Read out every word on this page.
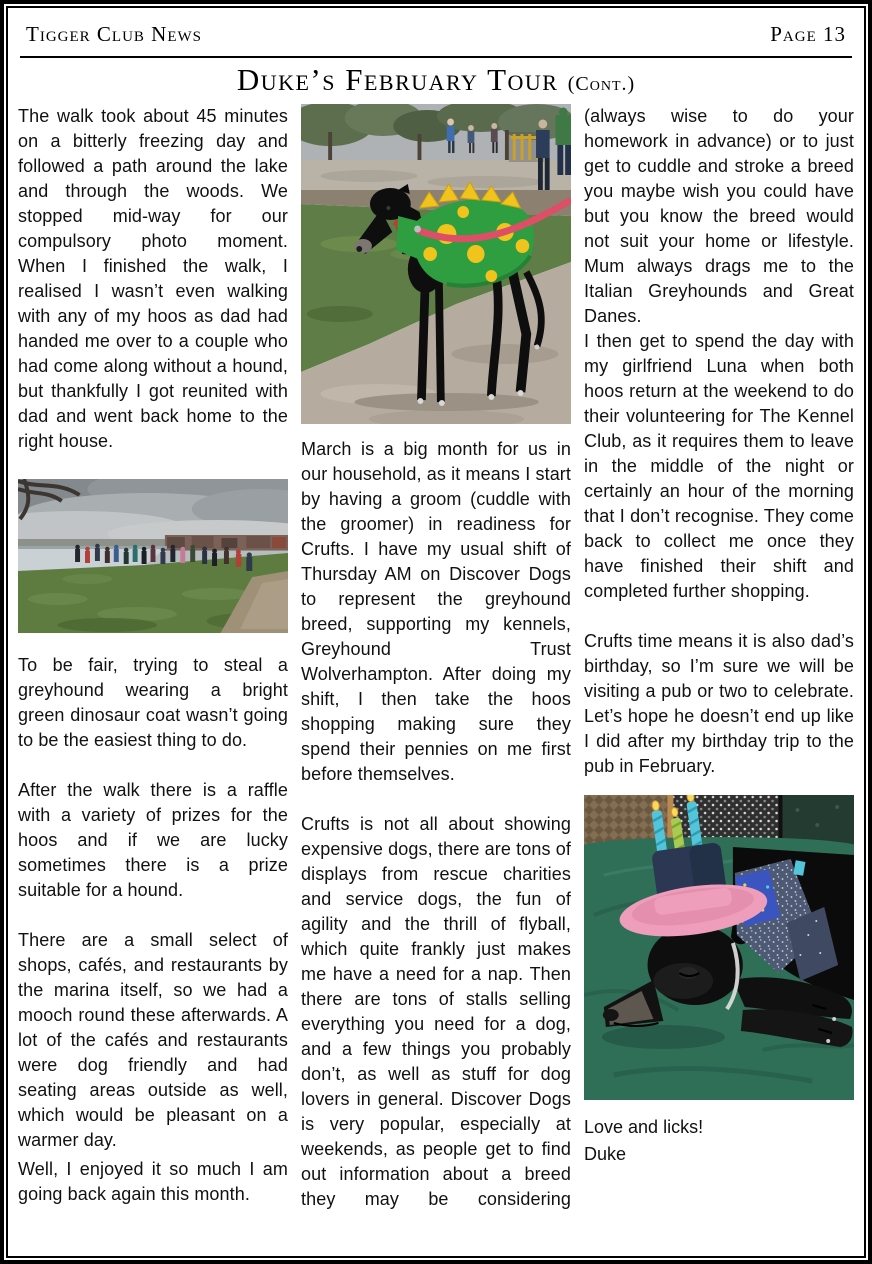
Tigger Club News	Page 13
Duke’s February Tour (Cont.)

The walk took about 45 minutes on a bitterly freezing day and followed a path around the lake and through the woods. We stopped mid-way for our compulsory photo moment. When I finished the walk, I realised I wasn’t even walking with any of my hoos as dad had handed me over to a couple who had come along without a hound, but thankfully I got reunited with dad and went back home to the right house.

To be fair, trying to steal a greyhound wearing a bright green dinosaur coat wasn’t going to be the easiest thing to do.

After the walk there is a raffle with a variety of prizes for the hoos and if we are lucky sometimes there is a prize suitable for a hound.

There are a small select of shops, cafés, and restaurants by the marina itself, so we had a mooch round these afterwards. A lot of the cafés and restaurants were dog friendly and had seating areas outside as well, which would be pleasant on a warmer day.

Well, I enjoyed it so much I am going back again this month.

March is a big month for us in our household, as it means I start by having a groom (cuddle with the groomer) in readiness for Crufts. I have my usual shift of Thursday AM on Discover Dogs to represent the greyhound breed, supporting my kennels, Greyhound Trust Wolverhampton. After doing my shift, I then take the hoos shopping making sure they spend their pennies on me first before themselves.

Crufts is not all about showing expensive dogs, there are tons of displays from rescue charities and service dogs, the fun of agility and the thrill of flyball, which quite frankly just makes me have a need for a nap. Then there are tons of stalls selling everything you need for a dog, and a few things you probably don’t, as well as stuff for dog lovers in general. Discover Dogs is very popular, especially at weekends, as people get to find out information about a breed they may be considering

(always wise to do your homework in advance) or to just get to cuddle and stroke a breed you maybe wish you could have but you know the breed would not suit your home or lifestyle. Mum always drags me to the Italian Greyhounds and Great Danes.

I then get to spend the day with my girlfriend Luna when both hoos return at the weekend to do their volunteering for The Kennel Club, as it requires them to leave in the middle of the night or certainly an hour of the morning that I don’t recognise. They come back to collect me once they have finished their shift and completed further shopping.

Crufts time means it is also dad’s birthday, so I’m sure we will be visiting a pub or two to celebrate. Let’s hope he doesn’t end up like I did after my birthday trip to the pub in February.

Love and licks!

Duke
